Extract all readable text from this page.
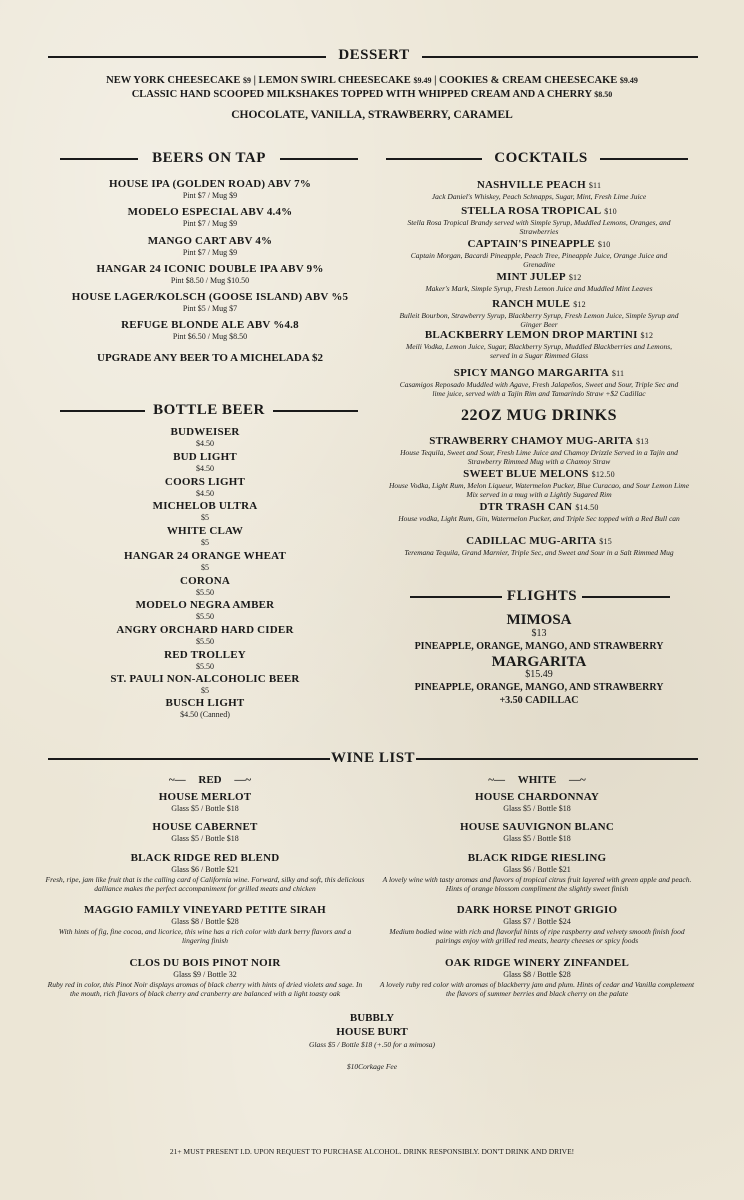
DESSERT
NEW YORK CHEESECAKE $9 | LEMON SWIRL CHEESECAKE $9.49 | COOKIES & CREAM CHEESECAKE $9.49
CLASSIC HAND SCOOPED MILKSHAKES TOPPED WITH WHIPPED CREAM AND A CHERRY $8.50
CHOCOLATE, VANILLA, STRAWBERRY, CARAMEL
BEERS ON TAP
HOUSE IPA (GOLDEN ROAD) ABV 7%
Pint $7 / Mug $9
MODELO ESPECIAL ABV 4.4%
Pint $7 / Mug $9
MANGO CART ABV 4%
Pint $7 / Mug $9
HANGAR 24 ICONIC DOUBLE IPA ABV 9%
Pint $8.50 / Mug $10.50
HOUSE LAGER/KOLSCH (GOOSE ISLAND) ABV %5
Pint $5 / Mug $7
REFUGE BLONDE ALE ABV %4.8
Pint $6.50 / Mug $8.50
UPGRADE ANY BEER TO A MICHELADA $2
BOTTLE BEER
BUDWEISER
$4.50
BUD LIGHT
$4.50
COORS LIGHT
$4.50
MICHELOB ULTRA
$5
WHITE CLAW
$5
HANGAR 24 ORANGE WHEAT
$5
CORONA
$5.50
MODELO NEGRA AMBER
$5.50
ANGRY ORCHARD HARD CIDER
$5.50
RED TROLLEY
$5.50
ST. PAULI NON-ALCOHOLIC BEER
$5
BUSCH LIGHT
$4.50 (Canned)
COCKTAILS
NASHVILLE PEACH $11
Jack Daniel's Whiskey, Peach Schnapps, Sugar, Mint, Fresh Lime Juice
STELLA ROSA TROPICAL $10
Stella Rosa Tropical Brandy served with Simple Syrup, Muddled Lemons, Oranges, and Strawberries
CAPTAIN'S PINEAPPLE $10
Captain Morgan, Bacardi Pineapple, Peach Tree, Pineapple Juice, Orange Juice and Grenadine
MINT JULEP $12
Maker's Mark, Simple Syrup, Fresh Lemon Juice and Muddled Mint Leaves
RANCH MULE $12
Bulleit Bourbon, Strawberry Syrup, Blackberry Syrup, Fresh Lemon Juice, Simple Syrup and Ginger Beer
BLACKBERRY LEMON DROP MARTINI $12
Meili Vodka, Lemon Juice, Sugar, Blackberry Syrup, Muddled Blackberries and Lemons, served in a Sugar Rimmed Glass
SPICY MANGO MARGARITA $11
Casamigos Reposado Muddled with Agave, Fresh Jalapeños, Sweet and Sour, Triple Sec and lime juice, served with a Tajin Rim and Tamarindo Straw +$2 Cadillac
22OZ MUG DRINKS
STRAWBERRY CHAMOY MUG-ARITA $13
House Tequila, Sweet and Sour, Fresh Lime Juice and Chamoy Drizzle Served in a Tajin and Strawberry Rimmed Mug with a Chamoy Straw
SWEET BLUE MELONS $12.50
House Vodka, Light Rum, Melon Liqueur, Watermelon Pucker, Blue Curacao, and Sour Lemon Lime Mix served in a mug with a Lightly Sugared Rim
DTR TRASH CAN $14.50
House vodka, Light Rum, Gin, Watermelon Pucker, and Triple Sec topped with a Red Bull can
CADILLAC MUG-ARITA $15
Teremana Tequila, Grand Marnier, Triple Sec, and Sweet and Sour in a Salt Rimmed Mug
FLIGHTS
MIMOSA
$13
PINEAPPLE, ORANGE, MANGO, AND STRAWBERRY
MARGARITA
$15.49
PINEAPPLE, ORANGE, MANGO, AND STRAWBERRY
+3.50 CADILLAC
WINE LIST
~— RED —~	~— WHITE —~
HOUSE MERLOT
Glass $5 / Bottle $18
HOUSE CABERNET
Glass $5 / Bottle $18
BLACK RIDGE RED BLEND
Glass $6 / Bottle $21
Fresh, ripe, jam like fruit that is the calling card of California wine. Forward, silky and soft, this delicious dalliance makes the perfect accompaniment for grilled meats and chicken
MAGGIO FAMILY VINEYARD PETITE SIRAH
Glass $8 / Bottle $28
With hints of fig, fine cocoa, and licorice, this wine has a rich color with dark berry flavors and a lingering finish
CLOS DU BOIS PINOT NOIR
Glass $9 / Bottle 32
Ruby red in color, this Pinot Noir displays aromas of black cherry with hints of dried violets and sage. In the mouth, rich flavors of black cherry and cranberry are balanced with a light toasty oak
HOUSE CHARDONNAY
Glass $5 / Bottle $18
HOUSE SAUVIGNON BLANC
Glass $5 / Bottle $18
BLACK RIDGE RIESLING
Glass $6 / Bottle $21
A lovely wine with tasty aromas and flavors of tropical citrus fruit layered with green apple and peach. Hints of orange blossom compliment the slightly sweet finish
DARK HORSE PINOT GRIGIO
Glass $7 / Bottle $24
Medium bodied wine with rich and flavorful hints of ripe raspberry and velvety smooth finish food pairings enjoy with grilled red meats, hearty cheeses or spicy foods
OAK RIDGE WINERY ZINFANDEL
Glass $8 / Bottle $28
A lovely ruby red color with aromas of blackberry jam and plum. Hints of cedar and Vanilla complement the flavors of summer berries and black cherry on the palate
BUBBLY
HOUSE BURT
Glass $5 / Bottle $18 (+.50 for a mimosa)
$10Corkage Fee
21+ MUST PRESENT I.D. UPON REQUEST TO PURCHASE ALCOHOL. DRINK RESPONSIBLY. DON'T DRINK AND DRIVE!
